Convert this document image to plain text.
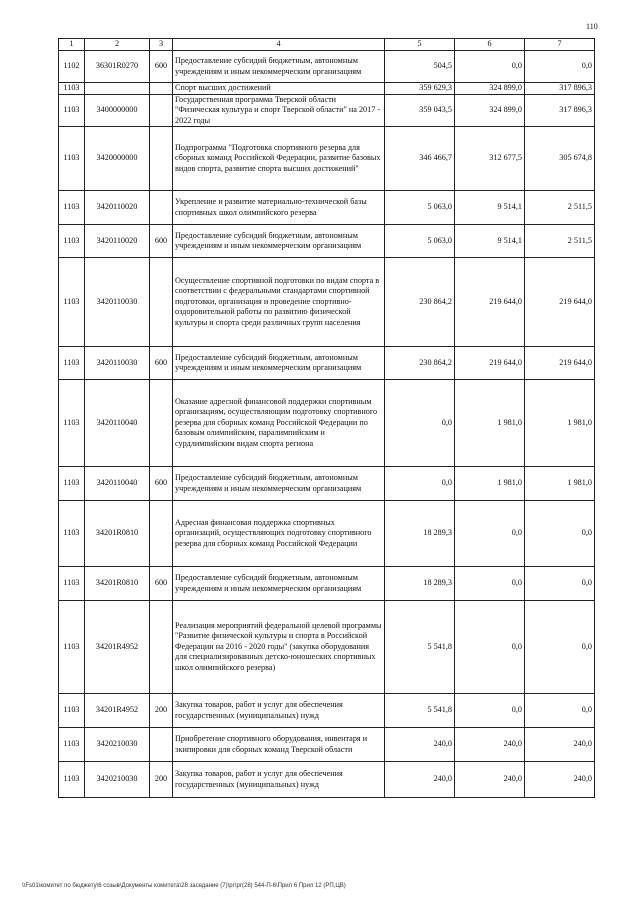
110
1	2	3	4	5	6	7
1102	36301R0270	600	Предоставление субсидий бюджетным, автономным учреждениям и иным некоммерческим организациям	504,5	0,0	0,0
1103			Спорт высших достижений	359 629,3	324 899,0	317 896,3
1103	3400000000		Государственная программа Тверской области "Физическая культура и спорт Тверской области" на 2017 - 2022 годы	359 043,5	324 899,0	317 896,3
1103	3420000000		Подпрограмма "Подготовка спортивного резерва для сборных команд Российской Федерации, развитие базовых видов спорта, развитие спорта высших достижений"	346 466,7	312 677,5	305 674,8
1103	3420110020		Укрепление и развитие материально-технической базы спортивных школ олимпийского резерва	5 063,0	9 514,1	2 511,5
1103	3420110020	600	Предоставление субсидий бюджетным, автономным учреждениям и иным некоммерческим организациям	5 063,0	9 514,1	2 511,5
1103	3420110030		Осуществление спортивной подготовки по видам спорта в соответствии с федеральными стандартами спортивной подготовки, организация и проведение спортивно-оздоровительной работы по развитию физической культуры и спорта среди различных групп населения	230 864,2	219 644,0	219 644,0
1103	3420110030	600	Предоставление субсидий бюджетным, автономным учреждениям и иным некоммерческим организациям	230 864,2	219 644,0	219 644,0
1103	3420110040		Оказание адресной финансовой поддержки спортивным организациям, осуществляющим подготовку спортивного резерва для сборных команд Российской Федерации по базовым олимпийским, паралимпийским и сурдлимпийским видам спорта региона	0,0	1 981,0	1 981,0
1103	3420110040	600	Предоставление субсидий бюджетным, автономным учреждениям и иным некоммерческим организациям	0,0	1 981,0	1 981,0
1103	34201R0810		Адресная финансовая поддержка спортивных организаций, осуществляющих подготовку спортивного резерва для сборных команд Российской Федерации	18 289,3	0,0	0,0
1103	34201R0810	600	Предоставление субсидий бюджетным, автономным учреждениям и иным некоммерческим организациям	18 289,3	0,0	0,0
1103	34201R4952		Реализация мероприятий федеральной целевой программы "Развитие физической культуры и спорта в Российской Федерации на 2016 - 2020 годы" (закупка оборудования для специализированных детско-юношеских спортивных школ олимпийского резерва)	5 541,8	0,0	0,0
1103	34201R4952	200	Закупка товаров, работ и услуг для обеспечения государственных (муниципальных) нужд	5 541,8	0,0	0,0
1103	3420210030		Приобретение спортивного оборудования, инвентаря и экипировки для сборных команд Тверской области	240,0	240,0	240,0
1103	3420210030	200	Закупка товаров, работ и услуг для обеспечения государственных (муниципальных) нужд	240,0	240,0	240,0
\\Fs01\комитет по бюджету\6 созыв\Документы комитета\28 заседание (7)\рг\рг(28) 544-П-6\Прил 6 Прил 12 (РП,ЦВ)
